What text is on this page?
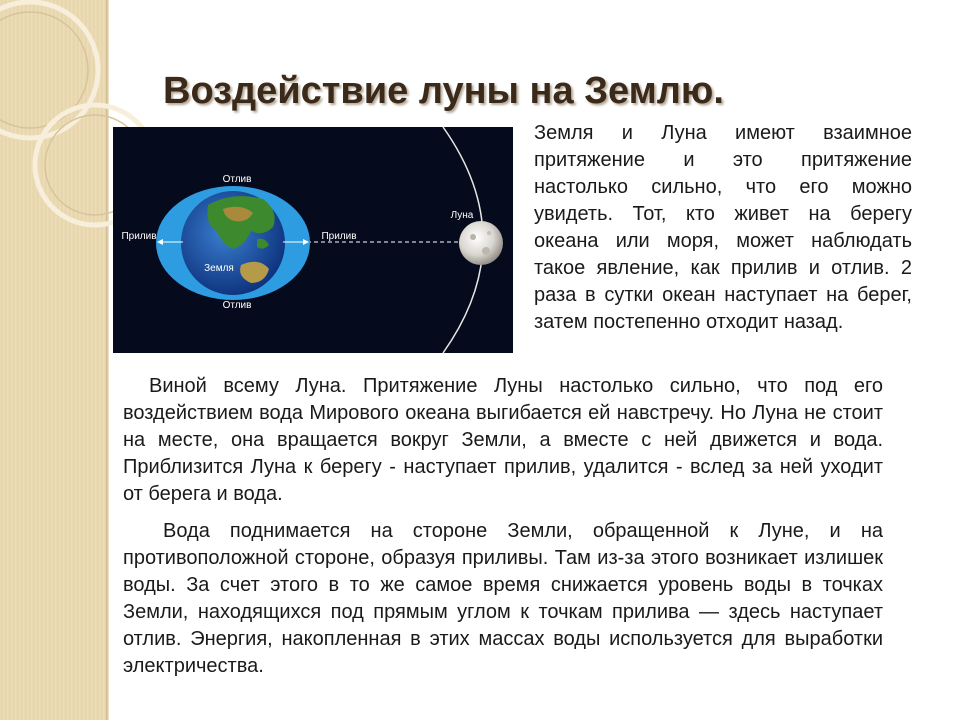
Воздействие луны на Землю.
Отлив
Отлив
Прилив	Прилив
Земля
Луна

Земля и Луна имеют взаимное притяжение и это притяжение настолько сильно, что его можно увидеть. Тот, кто живет на берегу океана или моря, может наблюдать такое явление, как прилив и отлив. 2 раза в сутки океан наступает на берег, затем постепенно отходит назад.

Виной всему Луна. Притяжение Луны настолько сильно, что под его воздействием вода Мирового океана выгибается ей навстречу. Но Луна не стоит на месте, она вращается вокруг Земли, а вместе с ней движется и вода. Приблизится Луна к берегу - наступает прилив, удалится - вслед за ней уходит от берега и вода.

Вода поднимается на стороне Земли, обращенной к Луне, и на противоположной стороне, образуя приливы. Там из-за этого возникает излишек воды. За счет этого в то же самое время снижается уровень воды в точках Земли, находящихся под прямым углом к точкам прилива — здесь наступает отлив. Энергия, накопленная в этих массах воды используется для выработки электричества.
